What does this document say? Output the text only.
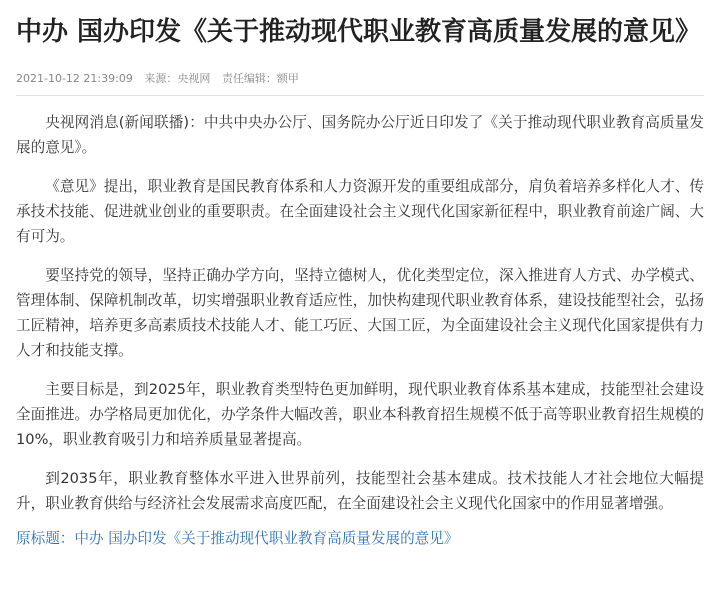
中办 国办印发《关于推动现代职业教育高质量发展的意见》
2021-10-12 21:39:09 来源：央视网 责任编辑：额甲

央视网消息(新闻联播)：中共中央办公厅、国务院办公厅近日印发了《关于推动现代职业教育高质量发展的意见》。

《意见》提出，职业教育是国民教育体系和人力资源开发的重要组成部分，肩负着培养多样化人才、传承技术技能、促进就业创业的重要职责。在全面建设社会主义现代化国家新征程中，职业教育前途广阔、大有可为。

要坚持党的领导，坚持正确办学方向，坚持立德树人，优化类型定位，深入推进育人方式、办学模式、管理体制、保障机制改革，切实增强职业教育适应性，加快构建现代职业教育体系，建设技能型社会，弘扬工匠精神，培养更多高素质技术技能人才、能工巧匠、大国工匠，为全面建设社会主义现代化国家提供有力人才和技能支撑。

主要目标是，到2025年，职业教育类型特色更加鲜明，现代职业教育体系基本建成，技能型社会建设全面推进。办学格局更加优化，办学条件大幅改善，职业本科教育招生规模不低于高等职业教育招生规模的10%，职业教育吸引力和培养质量显著提高。

到2035年，职业教育整体水平进入世界前列，技能型社会基本建成。技术技能人才社会地位大幅提升，职业教育供给与经济社会发展需求高度匹配，在全面建设社会主义现代化国家中的作用显著增强。

原标题：中办 国办印发《关于推动现代职业教育高质量发展的意见》
